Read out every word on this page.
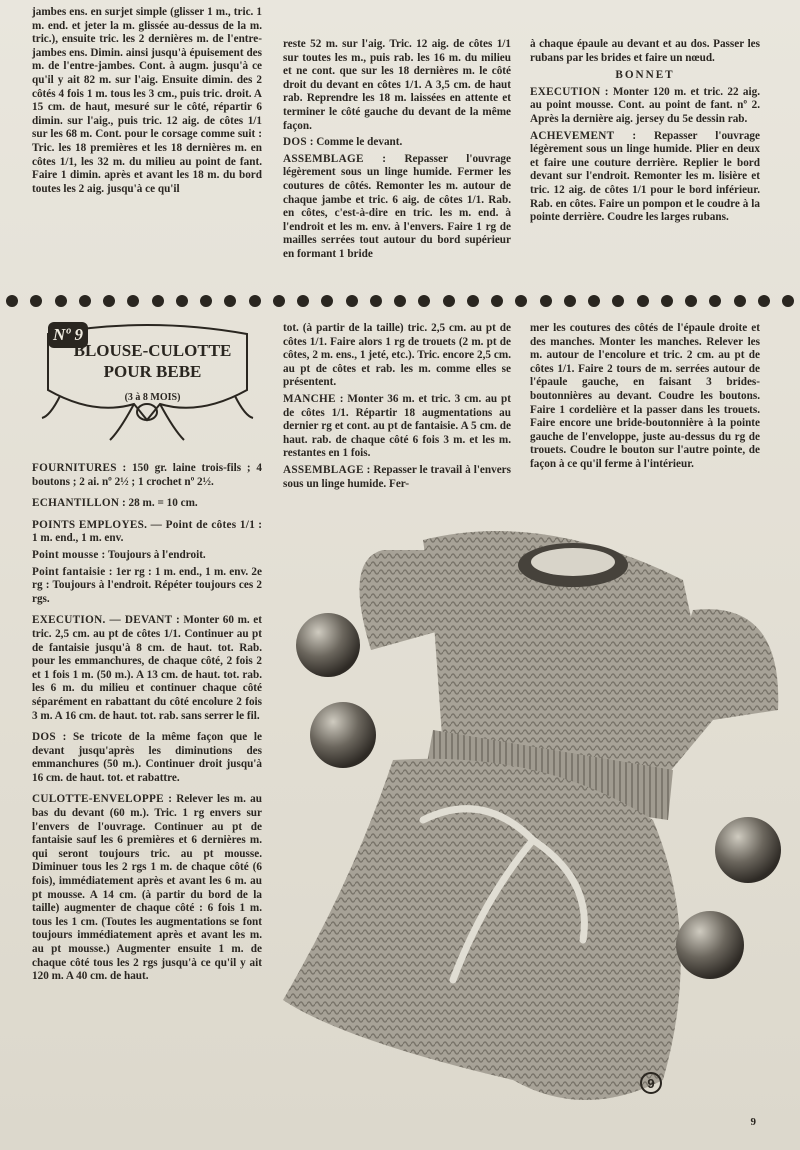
jambes ens. en surjet simple (glisser 1 m., tric. 1 m. end. et jeter la m. glissée au-dessus de la m. tric.), ensuite tric. les 2 dernières m. de l'entre-jambes ens. Dimin. ainsi jusqu'à épuisement des m. de l'entre-jambes. Cont. à augm. jusqu'à ce qu'il y ait 82 m. sur l'aig. Ensuite dimin. des 2 côtés 4 fois 1 m. tous les 3 cm., puis tric. droit. A 15 cm. de haut, mesuré sur le côté, répartir 6 dimin. sur l'aig., puis tric. 12 aig. de côtes 1/1 sur les 68 m. Cont. pour le corsage comme suit : Tric. les 18 premières et les 18 dernières m. en côtes 1/1, les 32 m. du milieu au point de fant. Faire 1 dimin. après et avant les 18 m. du bord toutes les 2 aig. jusqu'à ce qu'il

reste 52 m. sur l'aig. Tric. 12 aig. de côtes 1/1 sur toutes les m., puis rab. les 16 m. du milieu et ne cont. que sur les 18 dernières m. le côté droit du devant en côtes 1/1. A 3,5 cm. de haut rab. Reprendre les 18 m. laissées en attente et terminer le côté gauche du devant de la même façon.

DOS : Comme le devant.

ASSEMBLAGE : Repasser l'ouvrage légèrement sous un linge humide. Fermer les coutures de côtés. Remonter les m. autour de chaque jambe et tric. 6 aig. de côtes 1/1. Rab. en côtes, c'est-à-dire en tric. les m. end. à l'endroit et les m. env. à l'envers. Faire 1 rg de mailles serrées tout autour du bord supérieur en formant 1 bride

à chaque épaule au devant et au dos. Passer les rubans par les brides et faire un nœud.

BONNET

EXECUTION : Monter 120 m. et tric. 22 aig. au point mousse. Cont. au point de fant. nº 2. Après la dernière aig. jersey du 5e dessin rab.

ACHEVEMENT : Repasser l'ouvrage légèrement sous un linge humide. Plier en deux et faire une couture derrière. Replier le bord devant sur l'endroit. Remonter les m. lisière et tric. 12 aig. de côtes 1/1 pour le bord inférieur. Rab. en côtes. Faire un pompon et le coudre à la pointe derrière. Coudre les larges rubans.

Nº 9
BLOUSE-CULOTTE POUR BEBE
(3 à 8 MOIS)

FOURNITURES : 150 gr. laine trois-fils ; 4 boutons ; 2 ai. nº 2½ ; 1 crochet nº 2½.

ECHANTILLON : 28 m. = 10 cm.

POINTS EMPLOYES. — Point de côtes 1/1 : 1 m. end., 1 m. env.

Point mousse : Toujours à l'endroit.

Point fantaisie : 1er rg : 1 m. end., 1 m. env. 2e rg : Toujours à l'endroit. Répéter toujours ces 2 rgs.

EXECUTION. — DEVANT : Monter 60 m. et tric. 2,5 cm. au pt de côtes 1/1. Continuer au pt de fantaisie jusqu'à 8 cm. de haut. tot. Rab. pour les emmanchures, de chaque côté, 2 fois 2 et 1 fois 1 m. (50 m.). A 13 cm. de haut. tot. rab. les 6 m. du milieu et continuer chaque côté séparément en rabattant du côté encolure 2 fois 3 m. A 16 cm. de haut. tot. rab. sans serrer le fil.

DOS : Se tricote de la même façon que le devant jusqu'après les diminutions des emmanchures (50 m.). Continuer droit jusqu'à 16 cm. de haut. tot. et rabattre.

CULOTTE-ENVELOPPE : Relever les m. au bas du devant (60 m.). Tric. 1 rg envers sur l'envers de l'ouvrage. Continuer au pt de fantaisie sauf les 6 premières et 6 dernières m. qui seront toujours tric. au pt mousse. Diminuer tous les 2 rgs 1 m. de chaque côté (6 fois), immédiatement après et avant les 6 m. au pt mousse. A 14 cm. (à partir du bord de la taille) augmenter de chaque côté : 6 fois 1 m. tous les 1 cm. (Toutes les augmentations se font toujours immédiatement après et avant les m. au pt mousse.) Augmenter ensuite 1 m. de chaque côté tous les 2 rgs jusqu'à ce qu'il y ait 120 m. A 40 cm. de haut.

tot. (à partir de la taille) tric. 2,5 cm. au pt de côtes 1/1. Faire alors 1 rg de trouets (2 m. pt de côtes, 2 m. ens., 1 jeté, etc.). Tric. encore 2,5 cm. au pt de côtes et rab. les m. comme elles se présentent.

MANCHE : Monter 36 m. et tric. 3 cm. au pt de côtes 1/1. Répartir 18 augmentations au dernier rg et cont. au pt de fantaisie. A 5 cm. de haut. rab. de chaque côté 6 fois 3 m. et les m. restantes en 1 fois.

ASSEMBLAGE : Repasser le travail à l'envers sous un linge humide. Fer-

mer les coutures des côtés de l'épaule droite et des manches. Monter les manches. Relever les m. autour de l'encolure et tric. 2 cm. au pt de côtes 1/1. Faire 2 tours de m. serrées autour de l'épaule gauche, en faisant 3 brides-boutonnières au devant. Coudre les boutons. Faire 1 cordelière et la passer dans les trouets. Faire encore une bride-boutonnière à la pointe gauche de l'enveloppe, juste au-dessus du rg de trouets. Coudre le bouton sur l'autre pointe, de façon à ce qu'il ferme à l'intérieur.

9
9
